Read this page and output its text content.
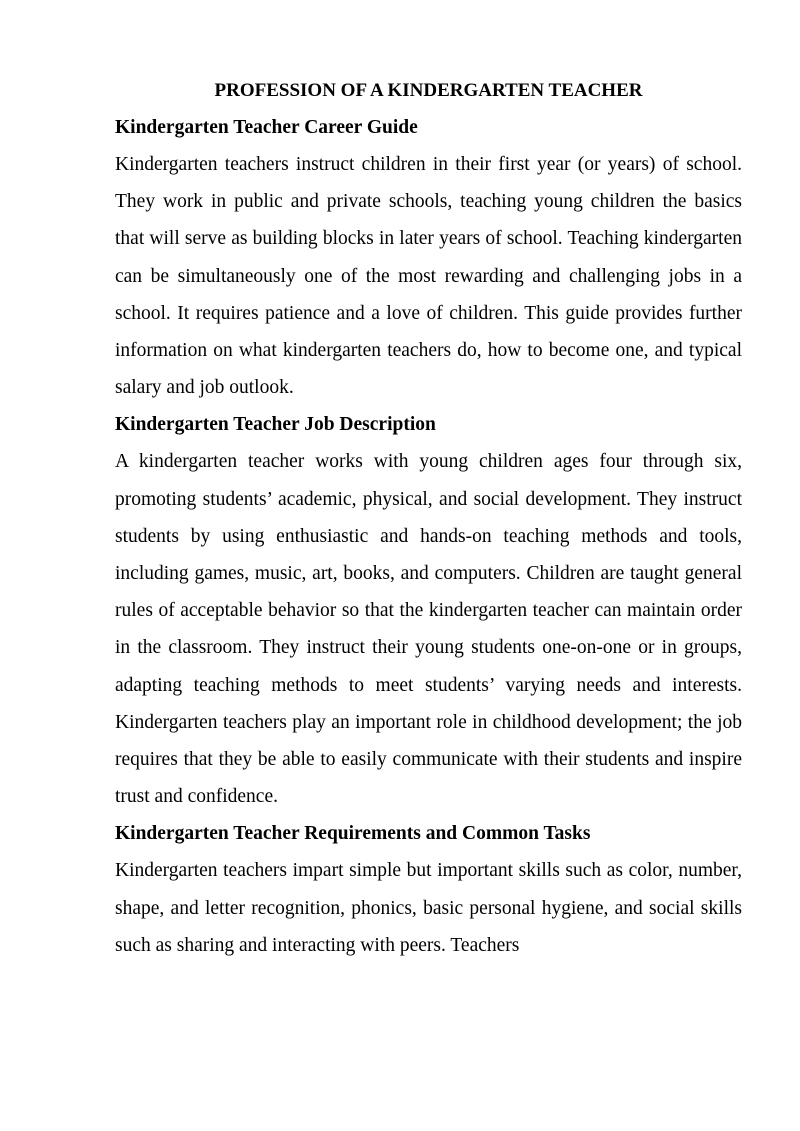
PROFESSION OF A KINDERGARTEN TEACHER

Kindergarten Teacher Career Guide

Kindergarten teachers instruct children in their first year (or years) of school. They work in public and private schools, teaching young children the basics that will serve as building blocks in later years of school. Teaching kindergarten can be simultaneously one of the most rewarding and challenging jobs in a school. It requires patience and a love of children. This guide provides further information on what kindergarten teachers do, how to become one, and typical salary and job outlook.

Kindergarten Teacher Job Description

A kindergarten teacher works with young children ages four through six, promoting students’ academic, physical, and social development. They instruct students by using enthusiastic and hands-on teaching methods and tools, including games, music, art, books, and computers. Children are taught general rules of acceptable behavior so that the kindergarten teacher can maintain order in the classroom. They instruct their young students one-on-one or in groups, adapting teaching methods to meet students’ varying needs and interests. Kindergarten teachers play an important role in childhood development; the job requires that they be able to easily communicate with their students and inspire trust and confidence.

Kindergarten Teacher Requirements and Common Tasks

Kindergarten teachers impart simple but important skills such as color, number, shape, and letter recognition, phonics, basic personal hygiene, and social skills such as sharing and interacting with peers. Teachers
